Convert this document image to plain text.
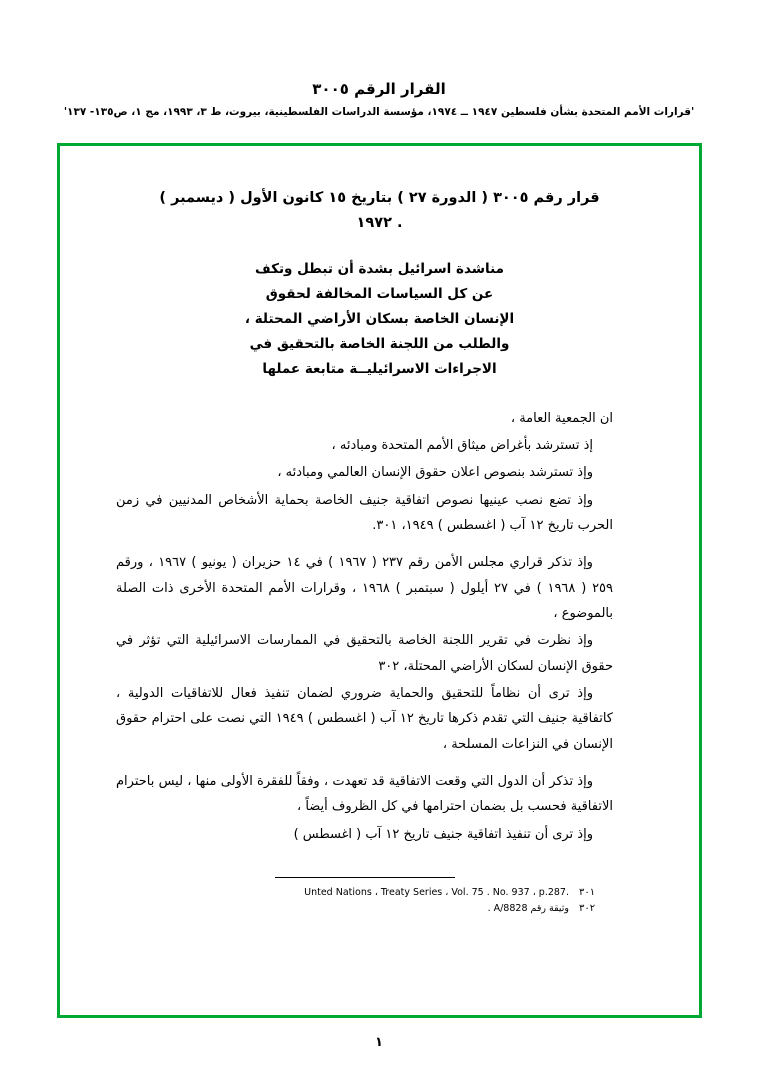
القرار الرقم ٣٠٠٥
'قرارات الأمم المتحدة بشأن فلسطين ١٩٤٧ ــ ١٩٧٤، مؤسسة الدراسات الفلسطينية، بيروت، ط ٣، ١٩٩٣، مج ١، ص١٣٥- ١٣٧'
قرار رقم ٣٠٠٥ ( الدورة ٢٧ ) بتاريخ ١٥ كانون الأول ( ديسمبر )
. ١٩٧٢
مناشدة اسرائيل بشدة أن تبطل وتكف
عن كل السياسات المخالفة لحقوق
الإنسان الخاصة بسكان الأراضي المحتلة ،
والطلب من اللجنة الخاصة بالتحقيق في
الاجراءات الاسرائيليــة متابعة عملها

ان الجمعية العامة ،

إذ تسترشد بأغراض ميثاق الأمم المتحدة ومبادئه ،

وإذ تسترشد بنصوص اعلان حقوق الإنسان العالمي ومبادئه ،

وإذ تضع نصب عينيها نصوص اتفاقية جنيف الخاصة بحماية الأشخاص المدنيين في زمن الحرب تاريخ ١٢ آب ( اغسطس ) ١٩٤٩، ٣٠١.

وإذ تذكر قراري مجلس الأمن رقم ٢٣٧ ( ١٩٦٧ ) في ١٤ حزيران ( يونيو ) ١٩٦٧ ، ورقم ٢٥٩ ( ١٩٦٨ ) في ٢٧ أيلول ( سبتمبر ) ١٩٦٨ ، وقرارات الأمم المتحدة الأخرى ذات الصلة بالموضوع ،

وإذ نظرت في تقرير اللجنة الخاصة بالتحقيق في الممارسات الاسرائيلية التي تؤثر في حقوق الإنسان لسكان الأراضي المحتلة، ٣٠٢

وإذ ترى أن نظاماً للتحقيق والحماية ضروري لضمان تنفيذ فعال للاتفاقيات الدولية ، كاتفاقية جنيف التي تقدم ذكرها تاريخ ١٢ آب ( اغسطس ) ١٩٤٩ التي نصت على احترام حقوق الإنسان في النزاعات المسلحة ،

وإذ تذكر أن الدول التي وقعت الاتفاقية قد تعهدت ، وفقاً للفقرة الأولى منها ، ليس باحترام الاتفاقية فحسب بل بضمان احترامها في كل الظروف أيضاً ،

وإذ ترى أن تنفيذ اتفاقية جنيف تاريخ ١٢ آب ( اغسطس )

٣٠١
Unted Nations ، Treaty Series ، Vol. 75 . No. 937 ، p.287.
٣٠٢
وثيقة رقم A/8828 .
١
